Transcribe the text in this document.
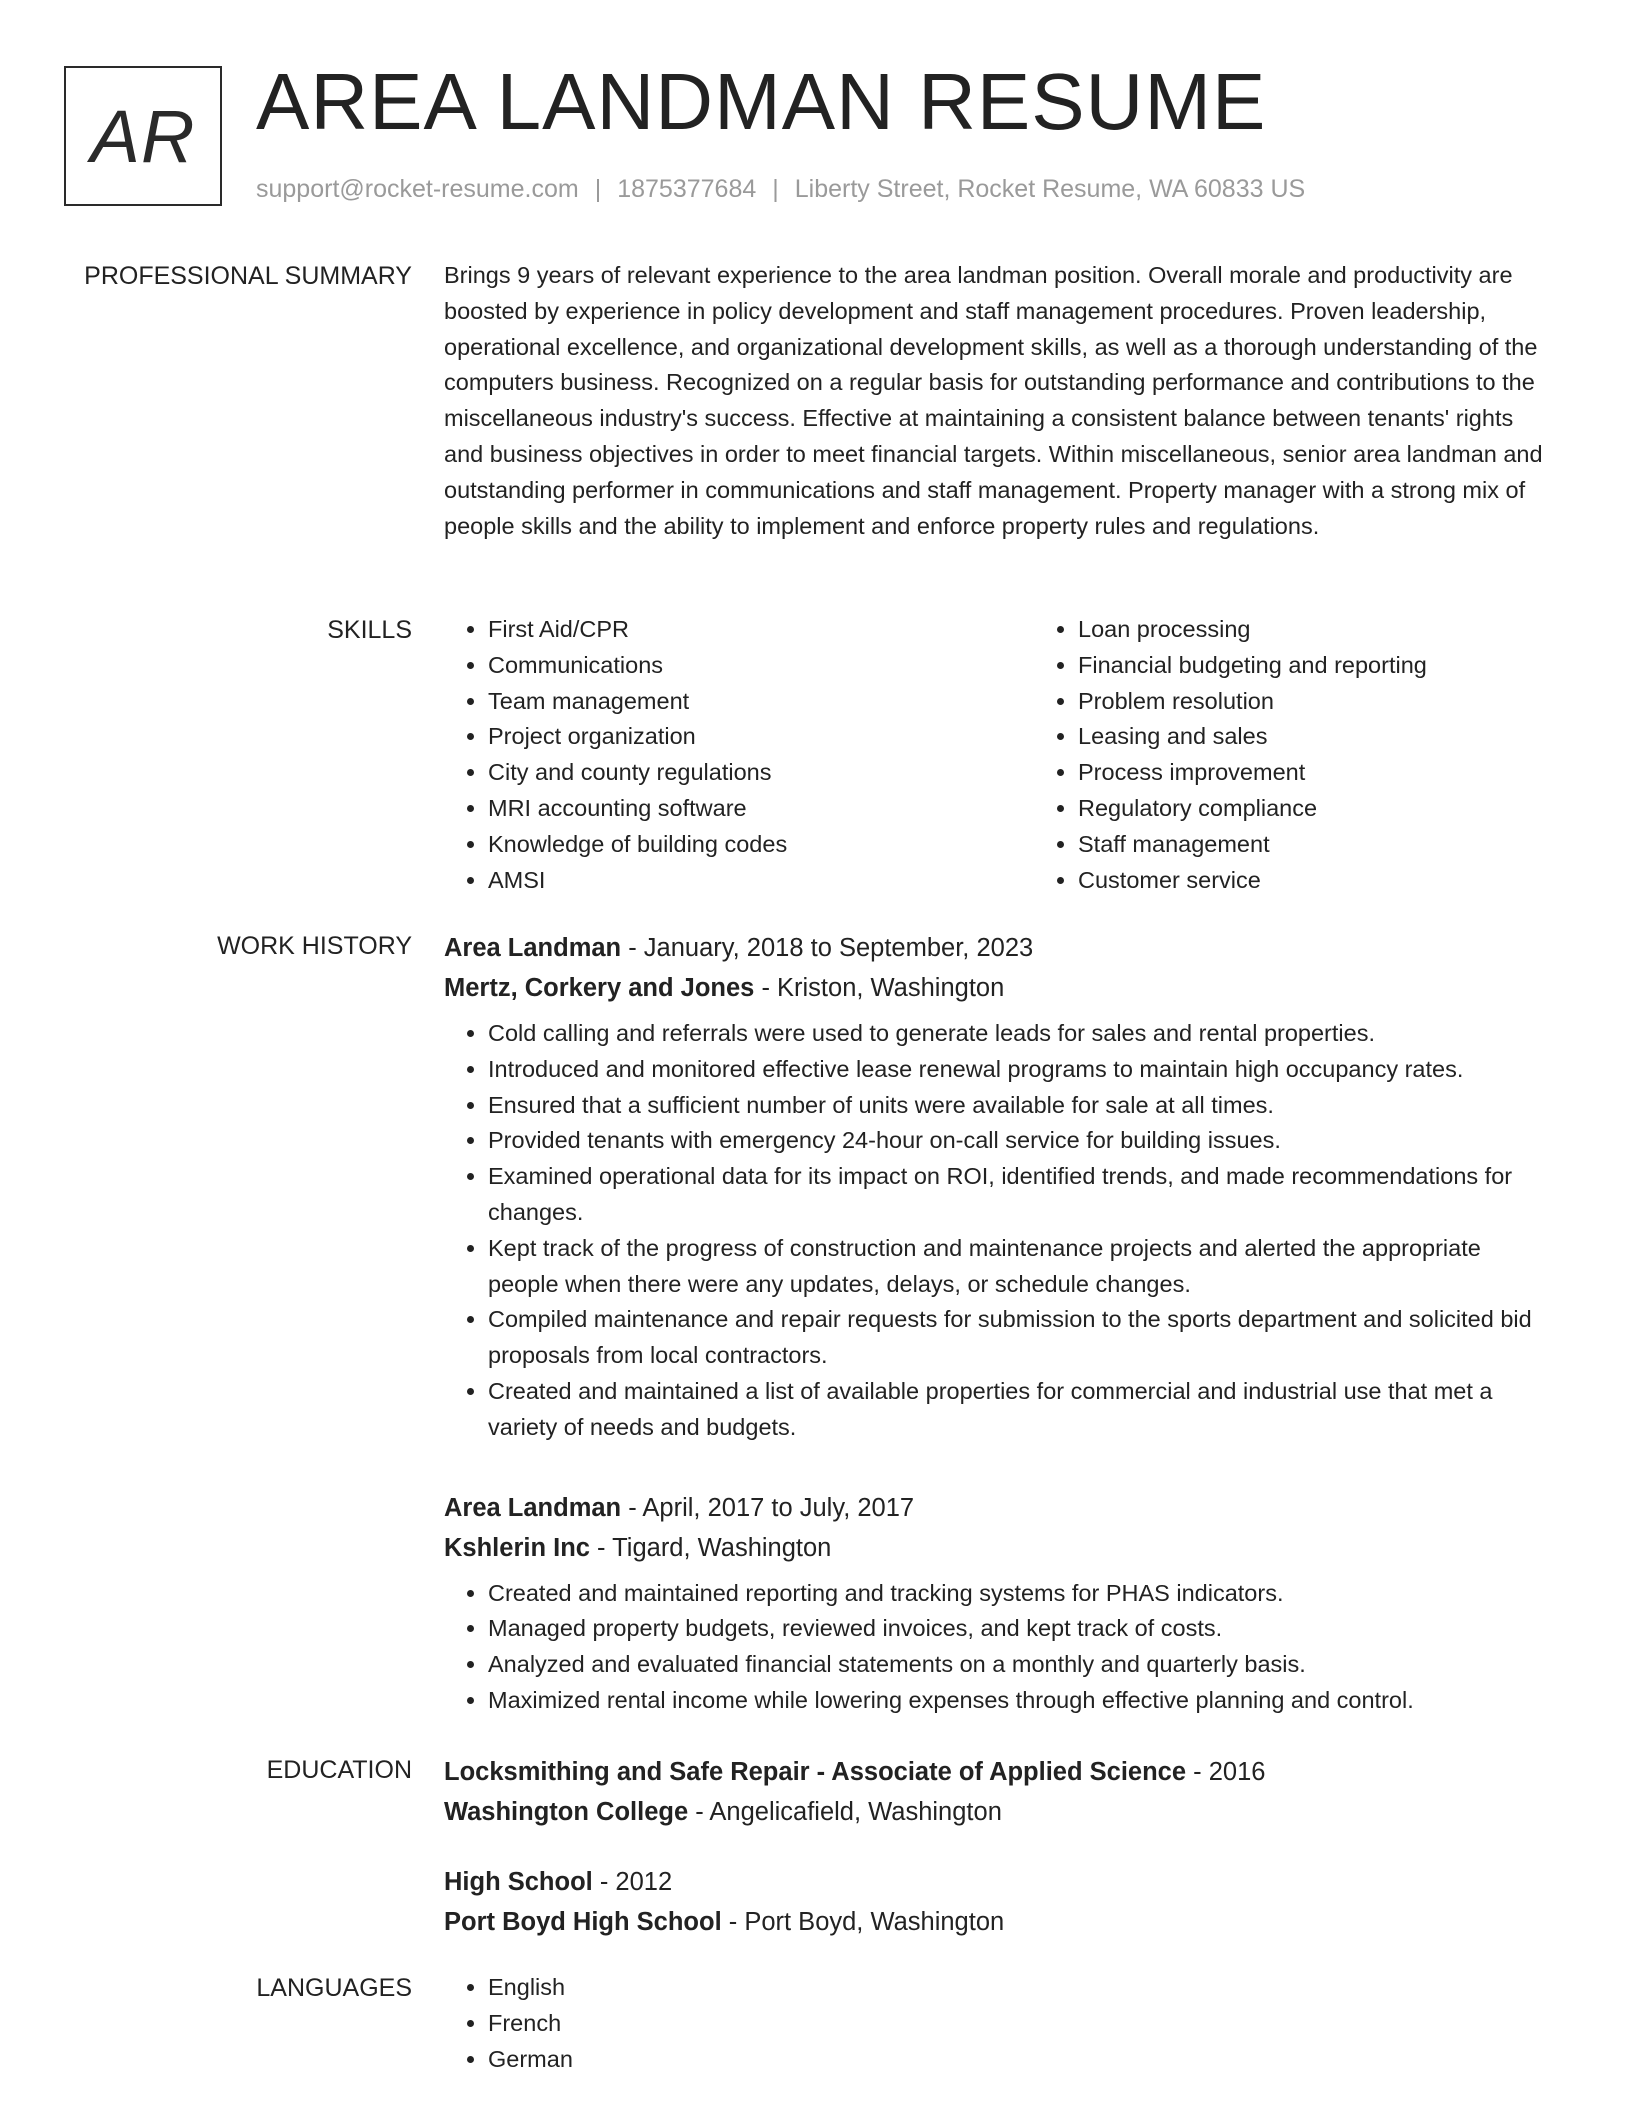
AR AREA LANDMAN RESUME
support@rocket-resume.com | 1875377684 | Liberty Street, Rocket Resume, WA 60833 US
PROFESSIONAL SUMMARY Brings 9 years of relevant experience to the area landman position. Overall morale and productivity are boosted by experience in policy development and staff management procedures. Proven leadership, operational excellence, and organizational development skills, as well as a thorough understanding of the computers business. Recognized on a regular basis for outstanding performance and contributions to the miscellaneous industry's success. Effective at maintaining a consistent balance between tenants' rights and business objectives in order to meet financial targets. Within miscellaneous, senior area landman and outstanding performer in communications and staff management. Property manager with a strong mix of people skills and the ability to implement and enforce property rules and regulations.

SKILLS	• First Aid/CPR
• Communications
• Team management
• Project organization
• City and county regulations
• MRI accounting software
• Knowledge of building codes
• AMSI
• Loan processing
• Financial budgeting and reporting
• Problem resolution
• Leasing and sales
• Process improvement
• Regulatory compliance
• Staff management
• Customer service
WORK HISTORY Area Landman - January, 2018 to September, 2023
Mertz, Corkery and Jones - Kriston, Washington
• Cold calling and referrals were used to generate leads for sales and rental properties.
• Introduced and monitored effective lease renewal programs to maintain high occupancy rates.
• Ensured that a sufficient number of units were available for sale at all times.
• Provided tenants with emergency 24-hour on-call service for building issues.
• Examined operational data for its impact on ROI, identified trends, and made recommendations for changes.
• Kept track of the progress of construction and maintenance projects and alerted the appropriate people when there were any updates, delays, or schedule changes.
• Compiled maintenance and repair requests for submission to the sports department and solicited bid proposals from local contractors.
• Created and maintained a list of available properties for commercial and industrial use that met a variety of needs and budgets.
Area Landman - April, 2017 to July, 2017
Kshlerin Inc - Tigard, Washington
• Created and maintained reporting and tracking systems for PHAS indicators.
• Managed property budgets, reviewed invoices, and kept track of costs.
• Analyzed and evaluated financial statements on a monthly and quarterly basis.
• Maximized rental income while lowering expenses through effective planning and control.
EDUCATION Locksmithing and Safe Repair - Associate of Applied Science - 2016
Washington College - Angelicafield, Washington
High School - 2012
Port Boyd High School - Port Boyd, Washington
LANGUAGES	• English
• French
• German
